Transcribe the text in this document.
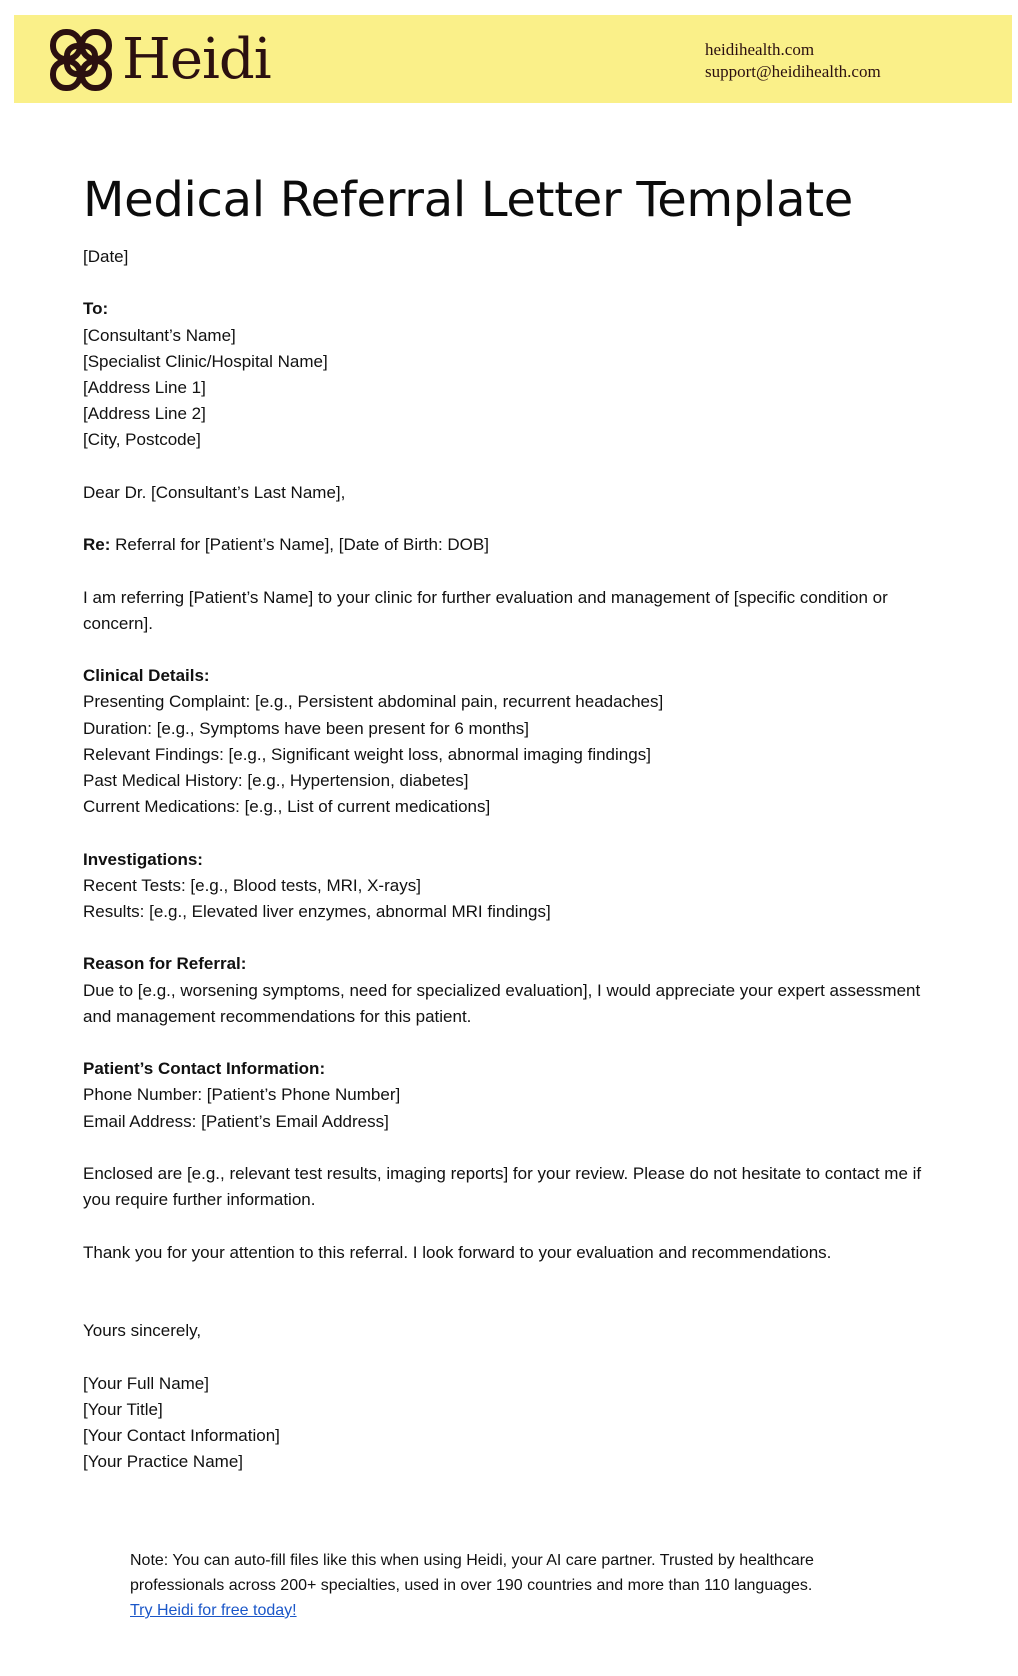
Heidi	heidihealth.com
support@heidihealth.com
Medical Referral Letter Template

[Date]

To:

[Consultant’s Name]

[Specialist Clinic/Hospital Name]

[Address Line 1]

[Address Line 2]

[City, Postcode]

Dear Dr. [Consultant’s Last Name],

Re: Referral for [Patient’s Name], [Date of Birth: DOB]

I am referring [Patient’s Name] to your clinic for further evaluation and management of [specific condition or concern].

Clinical Details:

Presenting Complaint: [e.g., Persistent abdominal pain, recurrent headaches]

Duration: [e.g., Symptoms have been present for 6 months]

Relevant Findings: [e.g., Significant weight loss, abnormal imaging findings]

Past Medical History: [e.g., Hypertension, diabetes]

Current Medications: [e.g., List of current medications]

Investigations:

Recent Tests: [e.g., Blood tests, MRI, X-rays]

Results: [e.g., Elevated liver enzymes, abnormal MRI findings]

Reason for Referral:

Due to [e.g., worsening symptoms, need for specialized evaluation], I would appreciate your expert assessment and management recommendations for this patient.

Patient’s Contact Information:

Phone Number: [Patient’s Phone Number]

Email Address: [Patient’s Email Address]

Enclosed are [e.g., relevant test results, imaging reports] for your review. Please do not hesitate to contact me if you require further information.

Thank you for your attention to this referral. I look forward to your evaluation and recommendations.

Yours sincerely,

[Your Full Name]

[Your Title]

[Your Contact Information]

[Your Practice Name]

Note: You can auto-fill files like this when using Heidi, your AI care partner. Trusted by healthcare professionals across 200+ specialties, used in over 190 countries and more than 110 languages.

Try Heidi for free today!
